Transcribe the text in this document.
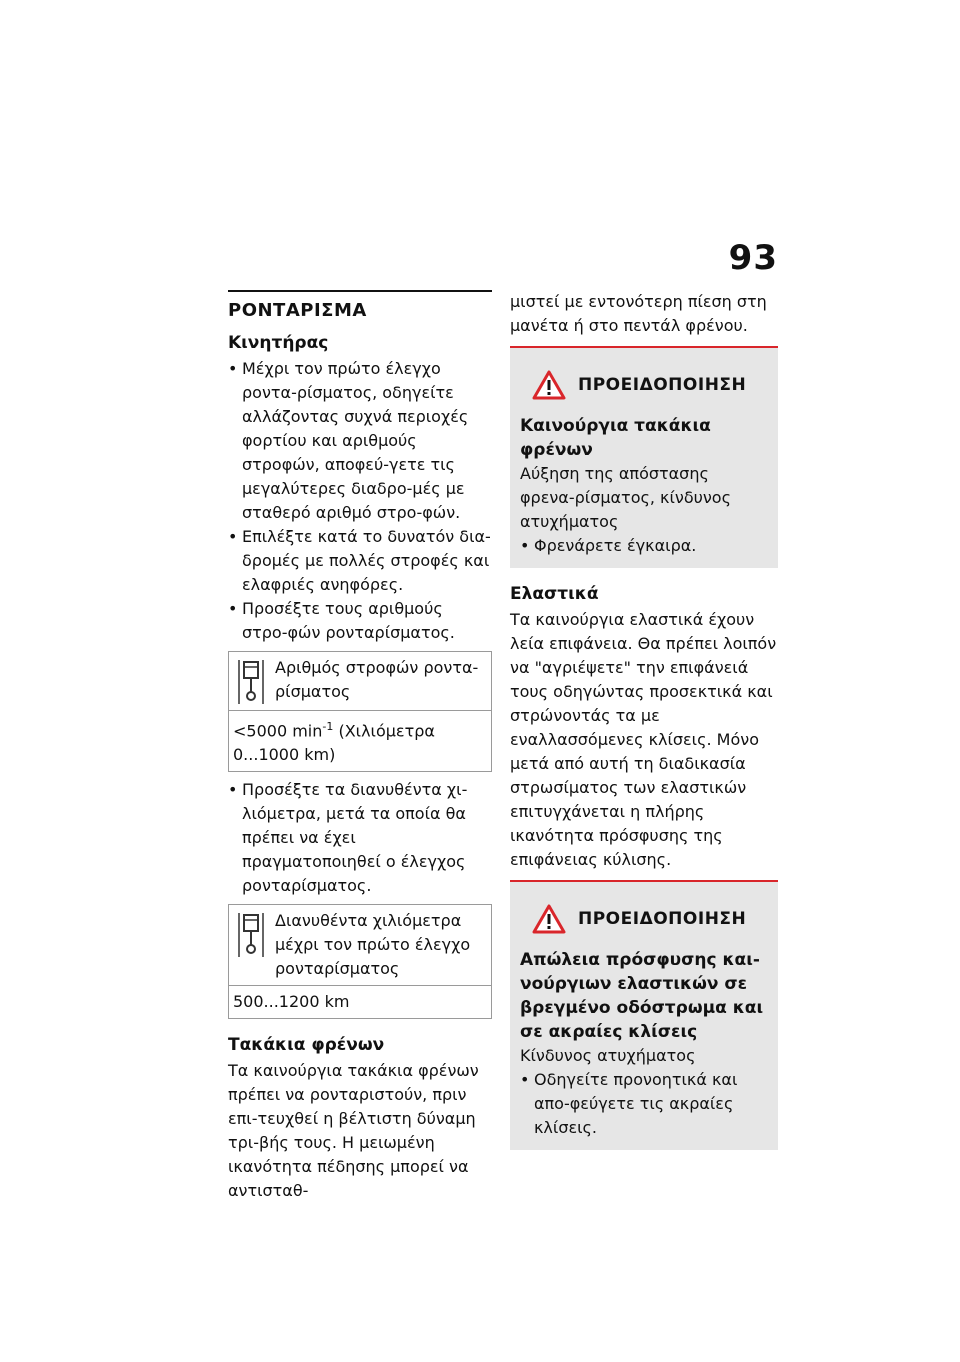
93
ΡΟΝΤΑΡΙΣΜΑ
Κινητήρας
• Μέχρι τον πρώτο έλεγχο ροντα-ρίσματος, οδηγείτε αλλάζοντας συχνά περιοχές φορτίου και αριθμούς στροφών, αποφεύ-γετε τις μεγαλύτερες διαδρο-μές με σταθερό αριθμό στρο-φών.
• Επιλέξτε κατά το δυνατόν δια-δρομές με πολλές στροφές και ελαφριές ανηφόρες.
• Προσέξτε τους αριθμούς στρο-φών ρονταρίσματος.
Αριθμός στροφών ροντα-ρίσματος
<5000 $\min^{-1} (X\iota\lambda\iota ό\mu\varepsilon\tau\rho\alpha$ 0...1000 km)
• Προσέξτε τα διανυθέντα χι-λιόμετρα, μετά τα οποία θα πρέπει να έχει πραγματοποιηθεί ο έλεγχος ρονταρίσματος.
Διανυθέντα χιλιόμετρα μέχρι τον πρώτο έλεγχο ρονταρίσματος
500...1200 km
Τακάκια φρένων

Τα καινούργια τακάκια φρένων πρέπει να ρονταριστούν, πριν επι-τευχθεί η βέλτιστη δύναμη τρι-βής τους. Η μειωμένη ικανότητα πέδησης μπορεί να αντισταθ-

μιστεί με εντονότερη πίεση στη μανέτα ή στο πεντάλ φρένου.

ΠΡΟΕΙΔΟΠΟΙΗΣΗ

Καινούργια τακάκια φρένων

Αύξηση της απόστασης φρενα-ρίσματος, κίνδυνος ατυχήματος

• Φρενάρετε έγκαιρα.
Ελαστικά

Τα καινούργια ελαστικά έχουν λεία επιφάνεια. Θα πρέπει λοιπόν να "αγριέψετε" την επιφάνειά τους οδηγώντας προσεκτικά και στρώνοντάς τα με εναλλασσόμενες κλίσεις. Μόνο μετά από αυτή τη διαδικασία στρωσίματος των ελαστικών επιτυγχάνεται η πλήρης ικανότητα πρόσφυσης της επιφάνειας κύλισης.

ΠΡΟΕΙΔΟΠΟΙΗΣΗ

Απώλεια πρόσφυσης και-νούργιων ελαστικών σε βρεγμένο οδόστρωμα και σε ακραίες κλίσεις

Κίνδυνος ατυχήματος

• Οδηγείτε προνοητικά και απο-φεύγετε τις ακραίες κλίσεις.
